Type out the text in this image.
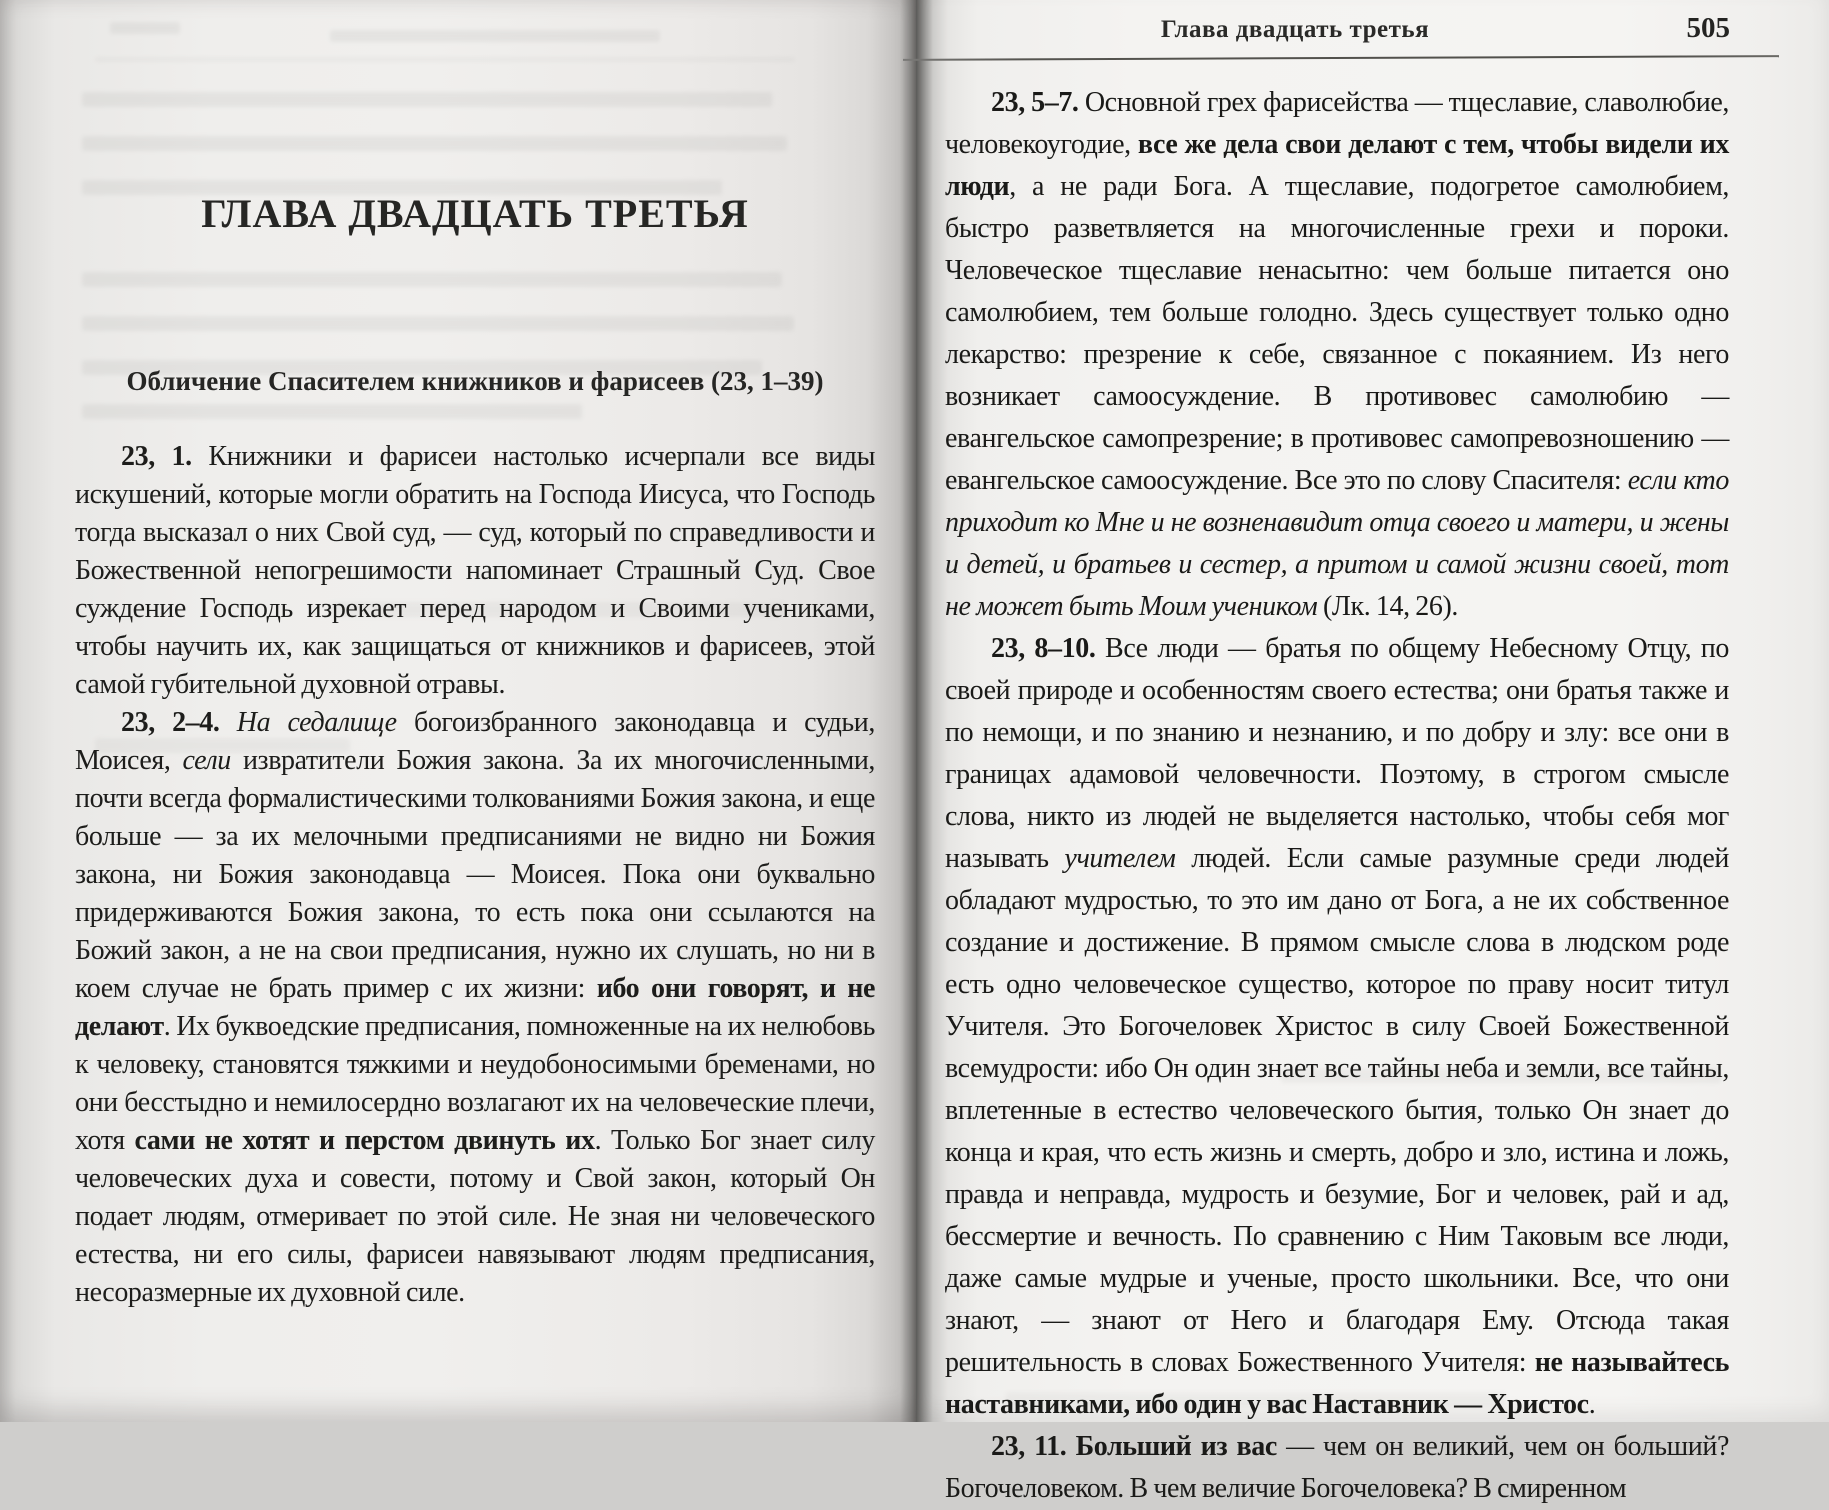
ГЛАВА ДВАДЦАТЬ ТРЕТЬЯ
Обличение Спасителем книжников и фарисеев (23, 1–39)

23, 1. Книжники и фарисеи настолько исчерпали все виды искушений, которые могли обратить на Господа Иисуса, что Господь тогда высказал о них Свой суд, — суд, который по справедливости и Божественной непогрешимости напоминает Страшный Суд. Свое суждение Господь изрекает перед народом и Своими учениками, чтобы научить их, как защищаться от книжников и фарисеев, этой самой губительной духовной отравы.

23, 2–4. На седалище богоизбранного законодавца и судьи, Моисея, сели извратители Божия закона. За их многочисленными, почти всегда формалистическими толкованиями Божия закона, и еще больше — за их мелочными предписаниями не видно ни Божия закона, ни Божия законодавца — Моисея. Пока они буквально придерживаются Божия закона, то есть пока они ссылаются на Божий закон, а не на свои предписания, нужно их слушать, но ни в коем случае не брать пример с их жизни: ибо они говорят, и не делают. Их буквоедские предписания, помноженные на их нелюбовь к человеку, становятся тяжкими и неудобоносимыми бременами, но они бесстыдно и немилосердно возлагают их на человеческие плечи, хотя сами не хотят и перстом двинуть их. Только Бог знает силу человеческих духа и совести, потому и Свой закон, который Он подает людям, отмеривает по этой силе. Не зная ни человеческого естества, ни его силы, фарисеи навязывают людям предписания, несоразмерные их духовной силе.

Глава двадцать третья	505

23, 5–7. Основной грех фарисейства — тщеславие, славолюбие, человекоугодие, все же дела свои делают с тем, чтобы видели их люди, а не ради Бога. А тщеславие, подогретое самолюбием, быстро разветвляется на многочисленные грехи и пороки. Человеческое тщеславие ненасытно: чем больше питается оно самолюбием, тем больше голодно. Здесь существует только одно лекарство: презрение к себе, связанное с покаянием. Из него возникает самоосуждение. В противовес самолюбию — евангельское самопрезрение; в противовес самопревозношению — евангельское самоосуждение. Все это по слову Спасителя: если кто приходит ко Мне и не возненавидит отца своего и матери, и жены и детей, и братьев и сестер, а притом и самой жизни своей, тот не может быть Моим учеником (Лк. 14, 26).

23, 8–10. Все люди — братья по общему Небесному Отцу, по своей природе и особенностям своего естества; они братья также и по немощи, и по знанию и незнанию, и по добру и злу: все они в границах адамовой человечности. Поэтому, в строгом смысле слова, никто из людей не выделяется настолько, чтобы себя мог называть учителем людей. Если самые разумные среди людей обладают мудростью, то это им дано от Бога, а не их собственное создание и достижение. В прямом смысле слова в людском роде есть одно человеческое существо, которое по праву носит титул Учителя. Это Богочеловек Христос в силу Своей Божественной всемудрости: ибо Он один знает все тайны неба и земли, все тайны, вплетенные в естество человеческого бытия, только Он знает до конца и края, что есть жизнь и смерть, добро и зло, истина и ложь, правда и неправда, мудрость и безумие, Бог и человек, рай и ад, бессмертие и вечность. По сравнению с Ним Таковым все люди, даже самые мудрые и ученые, просто школьники. Все, что они знают, — знают от Него и благодаря Ему. Отсюда такая решительность в словах Божественного Учителя: не называйтесь наставниками, ибо один у вас Наставник — Христос.

23, 11. Больший из вас — чем он великий, чем он больший? Богочеловеком. В чем величие Богочеловека? В смиренном
